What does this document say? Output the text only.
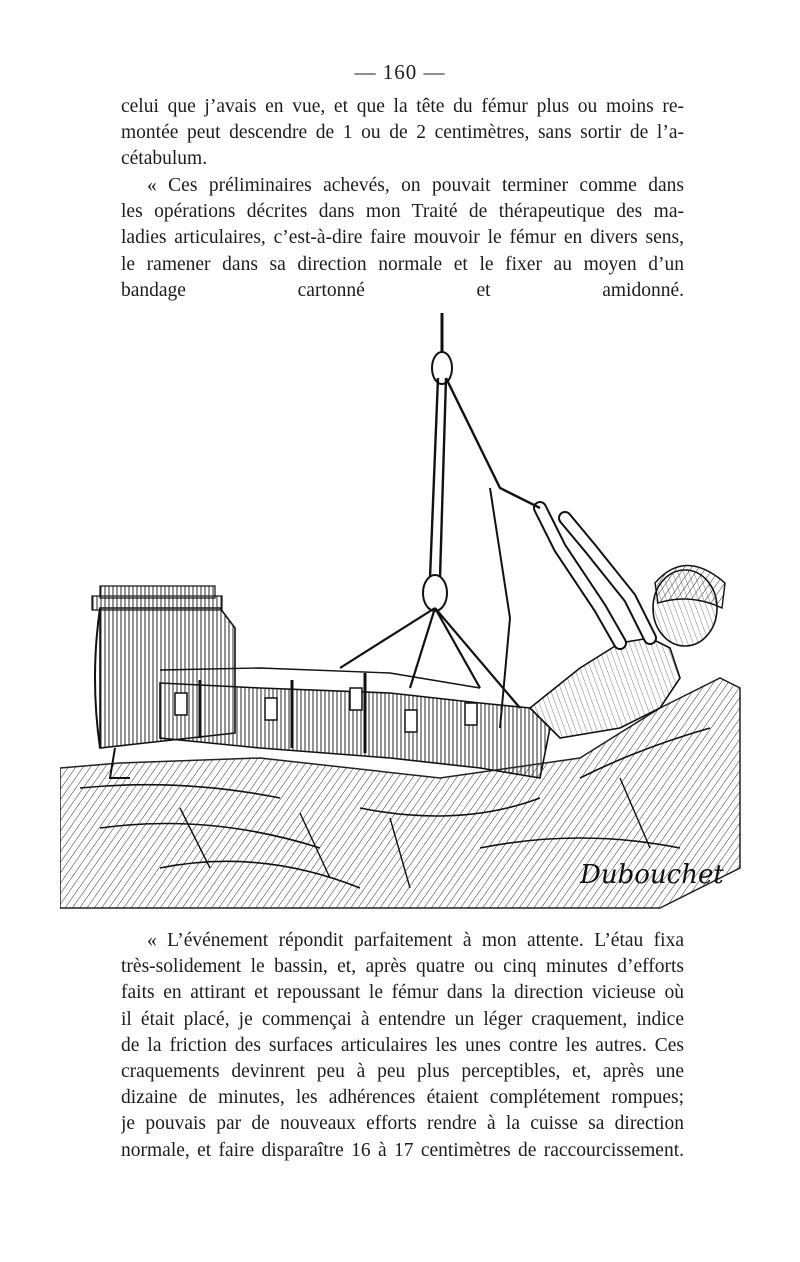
— 160 —
celui que j’avais en vue, et que la tête du fémur plus ou moins re-
montée peut descendre de 1 ou de 2 centimètres, sans sortir de l’a-
cétabulum.
« Ces préliminaires achevés, on pouvait terminer comme dans
les opérations décrites dans mon Traité de thérapeutique des ma-
ladies articulaires, c’est-à-dire faire mouvoir le fémur en divers sens,
le ramener dans sa direction normale et le fixer au moyen d’un
bandage cartonné et amidonné.
Dubouchet
« L’événement répondit parfaitement à mon attente. L’étau fixa
très-solidement le bassin, et, après quatre ou cinq minutes d’efforts
faits en attirant et repoussant le fémur dans la direction vicieuse où
il était placé, je commençai à entendre un léger craquement, indice
de la friction des surfaces articulaires les unes contre les autres. Ces
craquements devinrent peu à peu plus perceptibles, et, après une
dizaine de minutes, les adhérences étaient complétement rompues;
je pouvais par de nouveaux efforts rendre à la cuisse sa direction
normale, et faire disparaître 16 à 17 centimètres de raccourcissement.
